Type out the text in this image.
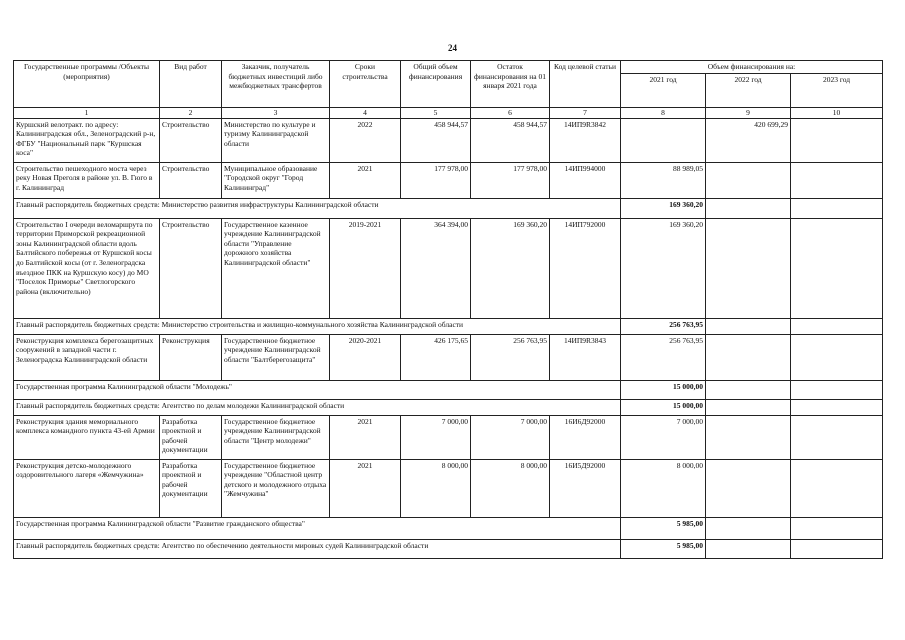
24
Государственные программы /Объекты (мероприятия)	Вид работ	Заказчик, получатель бюджетных инвестиций либо межбюджетных трансфертов	Сроки строительства	Общий объем финансирования	Остаток финансирования на 01 января 2021 года	Код целевой статьи	Объем финансирования на:		
							2021 год	2022 год	2023 год
1	2	3	4	5	6	7	8	9	10
Куршский велотракт. по адресу: Калининградская обл., Зеленоградский р-н, ФГБУ "Национальный парк "Куршская коса"	Строительство	Министерство по культуре и туризму Калининградской области	2022	458 944,57	458 944,57	14ИП9R3842		420 699,29	
Строительство пешеходного моста через реку Новая Преголя в районе ул. В. Гюго в г. Калининград	Строительство	Муниципальное образование "Городской округ "Город Калининград"	2021	177 978,00	177 978,00	14ИП994000	88 989,05		
Главный распорядитель бюджетных средств: Министерство развития инфраструктуры Калининградской области							169 360,20		
Строительство I очереди веломаршрута по территории Приморской рекреационной зоны Калининградской области вдоль Балтийского побережья от Куршской косы до Балтийской косы (от г. Зеленоградска въездное ПКК на Куршскую косу) до МО "Поселок Приморье" Светлогорского района (включительно)	Строительство	Государственное казенное учреждение Калининградской области "Управление дорожного хозяйства Калининградской области"	2019-2021	364 394,00	169 360,20	14ИП792000	169 360,20		
Главный распорядитель бюджетных средств: Министерство строительства и жилищно-коммунального хозяйства Калининградской области							256 763,95		
Реконструкция комплекса берегозащитных сооружений в западной части г. Зеленоградска Калининградской области	Реконструкция	Государственное бюджетное учреждение Калининградской области "Балтберегозащита"	2020-2021	426 175,65	256 763,95	14ИП9R3843	256 763,95		
Государственная программа Калининградской области "Молодежь"							15 000,00		
Главный распорядитель бюджетных средств: Агентство по делам молодежи Калининградской области							15 000,00		
Реконструкция здания мемориального комплекса командного пункта 43-ей Армии	Разработка проектной и рабочей документации	Государственное бюджетное учреждение Калининградской области "Центр молодежи"	2021	7 000,00	7 000,00	16И6Д92000	7 000,00		
Реконструкция детско-молодежного оздоровительного лагеря «Жемчужина»	Разработка проектной и рабочей документации	Государственное бюджетное учреждение "Областной центр детского и молодежного отдыха "Жемчужина"	2021	8 000,00	8 000,00	16И5Д92000	8 000,00		
Государственная программа Калининградской области "Развитие гражданского общества"							5 985,00		
Главный распорядитель бюджетных средств: Агентство по обеспечению деятельности мировых судей Калининградской области							5 985,00		
